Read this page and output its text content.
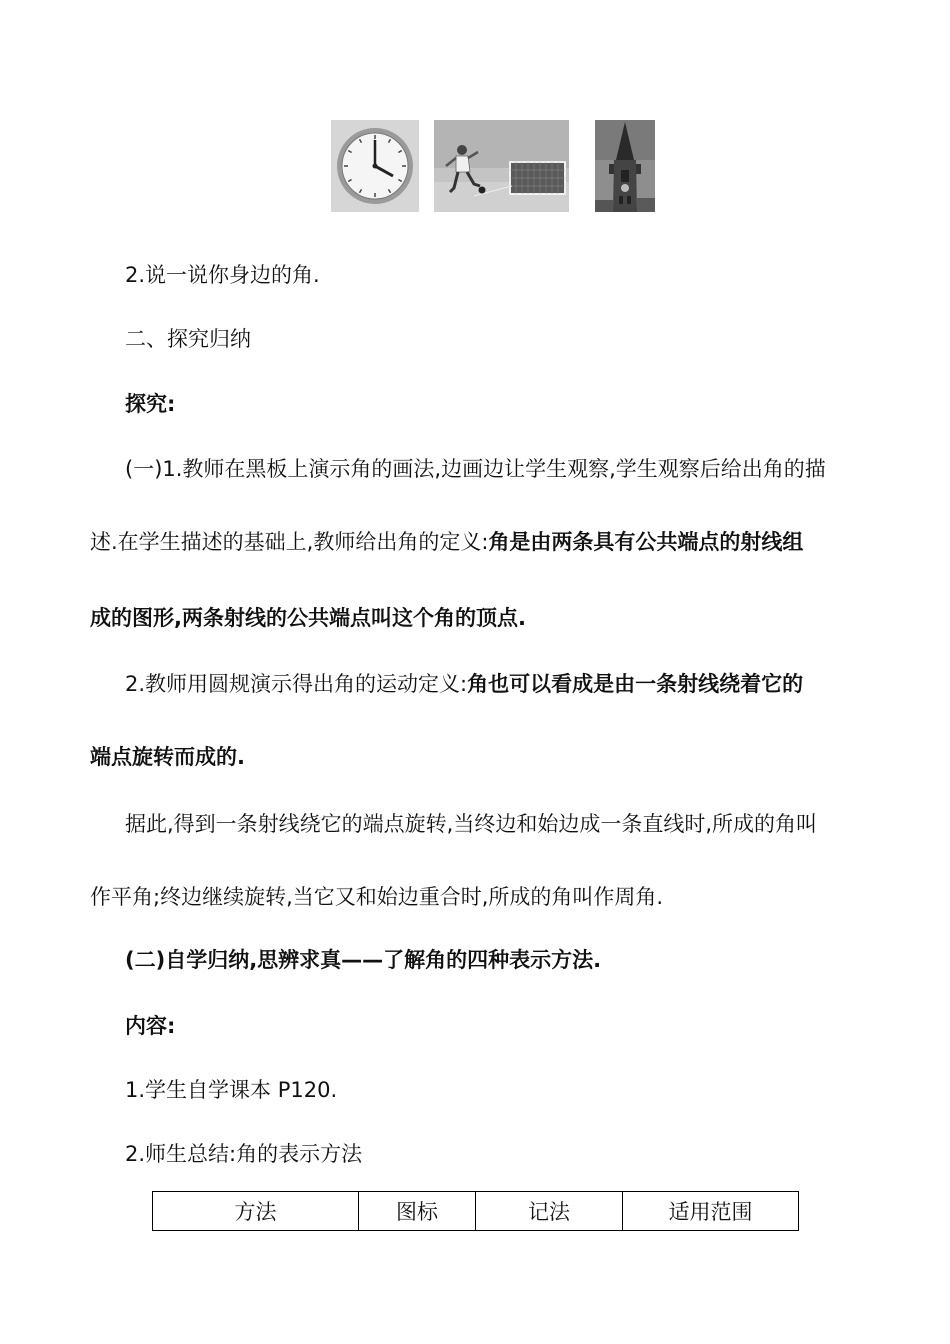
2.说一说你身边的角.
二、探究归纳
探究:
(一)1.教师在黑板上演示角的画法,边画边让学生观察,学生观察后给出角的描
述.在学生描述的基础上,教师给出角的定义:角是由两条具有公共端点的射线组
成的图形,两条射线的公共端点叫这个角的顶点.
2.教师用圆规演示得出角的运动定义:角也可以看成是由一条射线绕着它的
端点旋转而成的.
据此,得到一条射线绕它的端点旋转,当终边和始边成一条直线时,所成的角叫
作平角;终边继续旋转,当它又和始边重合时,所成的角叫作周角.
(二)自学归纳,思辨求真——了解角的四种表示方法.
内容:
1.学生自学课本 P120.
2.师生总结:角的表示方法
方法	图标	记法	适用范围
